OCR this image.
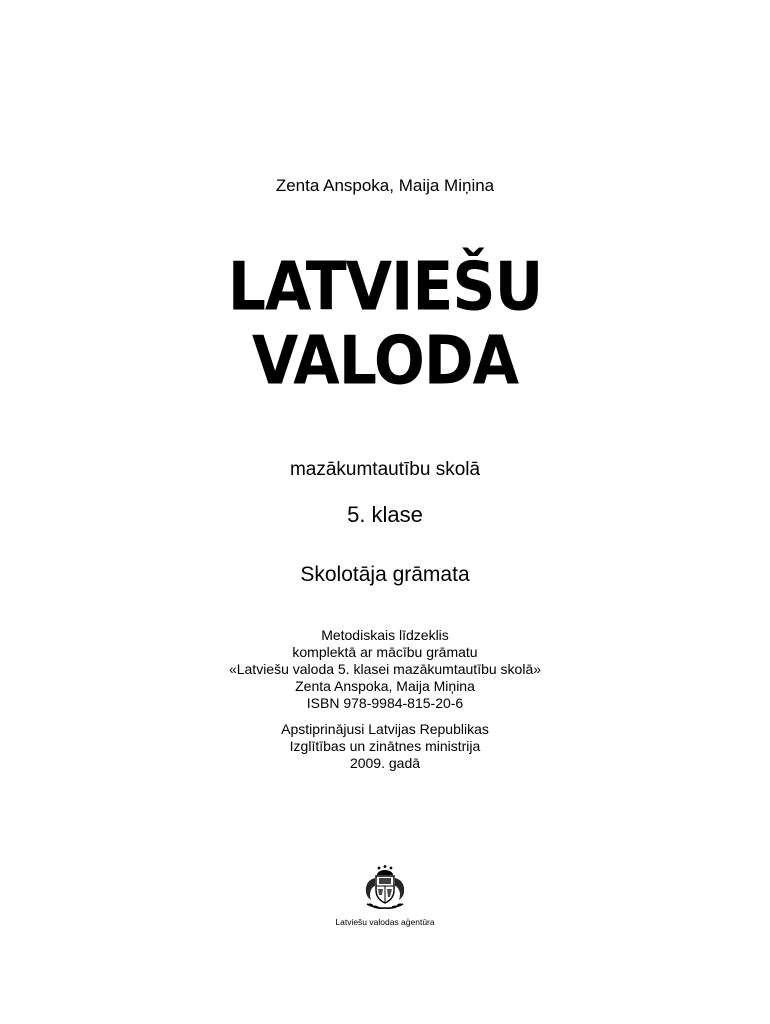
Zenta Anspoka, Maija Miņina
LATVIEŠU
VALODA
mazākumtautību skolā
5. klase
Skolotāja grāmata
Metodiskais līdzeklis
komplektā ar mācību grāmatu
«Latviešu valoda 5. klasei mazākumtautību skolā»
Zenta Anspoka, Maija Miņina
ISBN 978-9984-815-20-6
Apstiprinājusi Latvijas Republikas
Izglītības un zinātnes ministrija
2009. gadā
Latviešu valodas aģentūra
